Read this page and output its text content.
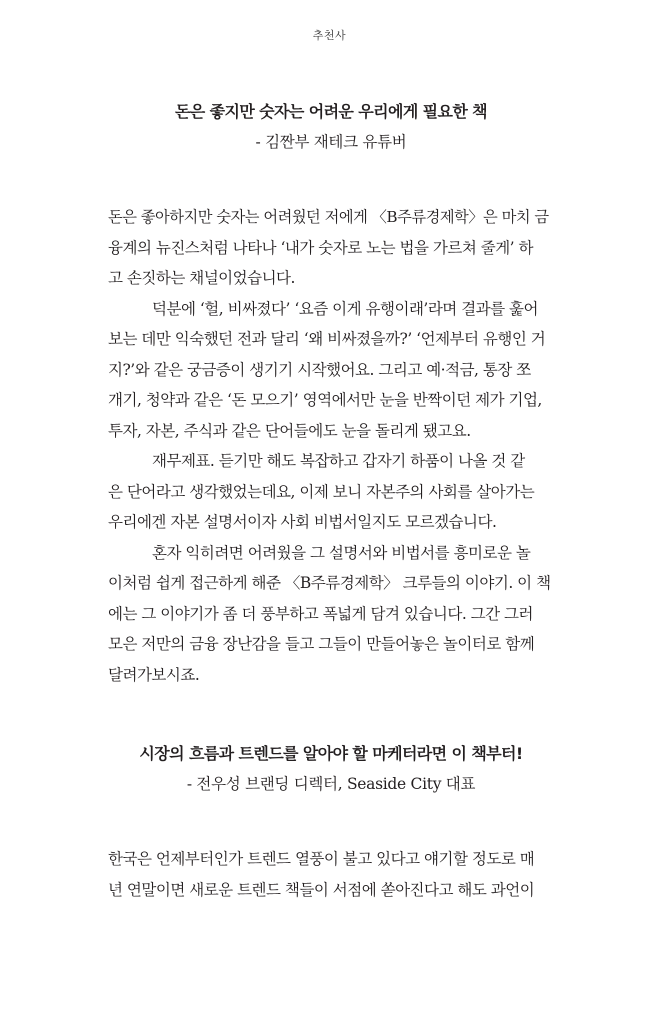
추천사
돈은 좋지만 숫자는 어려운 우리에게 필요한 책

- 김짠부 재테크 유튜버

돈은 좋아하지만 숫자는 어려웠던 저에게 〈B주류경제학〉은 마치 금
융계의 뉴진스처럼 나타나 ‘내가 숫자로 노는 법을 가르쳐 줄게’ 하
고 손짓하는 채널이었습니다.

덕분에 ‘헐, 비싸졌다’ ‘요즘 이게 유행이래’라며 결과를 훑어
보는 데만 익숙했던 전과 달리 ‘왜 비싸졌을까?’ ‘언제부터 유행인 거
지?’와 같은 궁금증이 생기기 시작했어요. 그리고 예·적금, 통장 쪼
개기, 청약과 같은 ‘돈 모으기’ 영역에서만 눈을 반짝이던 제가 기업,
투자, 자본, 주식과 같은 단어들에도 눈을 돌리게 됐고요.

재무제표. 듣기만 해도 복잡하고 갑자기 하품이 나올 것 같
은 단어라고 생각했었는데요, 이제 보니 자본주의 사회를 살아가는
우리에겐 자본 설명서이자 사회 비법서일지도 모르겠습니다.

혼자 익히려면 어려웠을 그 설명서와 비법서를 흥미로운 놀
이처럼 쉽게 접근하게 해준 〈B주류경제학〉 크루들의 이야기. 이 책
에는 그 이야기가 좀 더 풍부하고 폭넓게 담겨 있습니다. 그간 그러
모은 저만의 금융 장난감을 들고 그들이 만들어놓은 놀이터로 함께
달려가보시죠.

시장의 흐름과 트렌드를 알아야 할 마케터라면 이 책부터!

- 전우성 브랜딩 디렉터, Seaside City 대표

한국은 언제부터인가 트렌드 열풍이 불고 있다고 얘기할 정도로 매
년 연말이면 새로운 트렌드 책들이 서점에 쏟아진다고 해도 과언이
